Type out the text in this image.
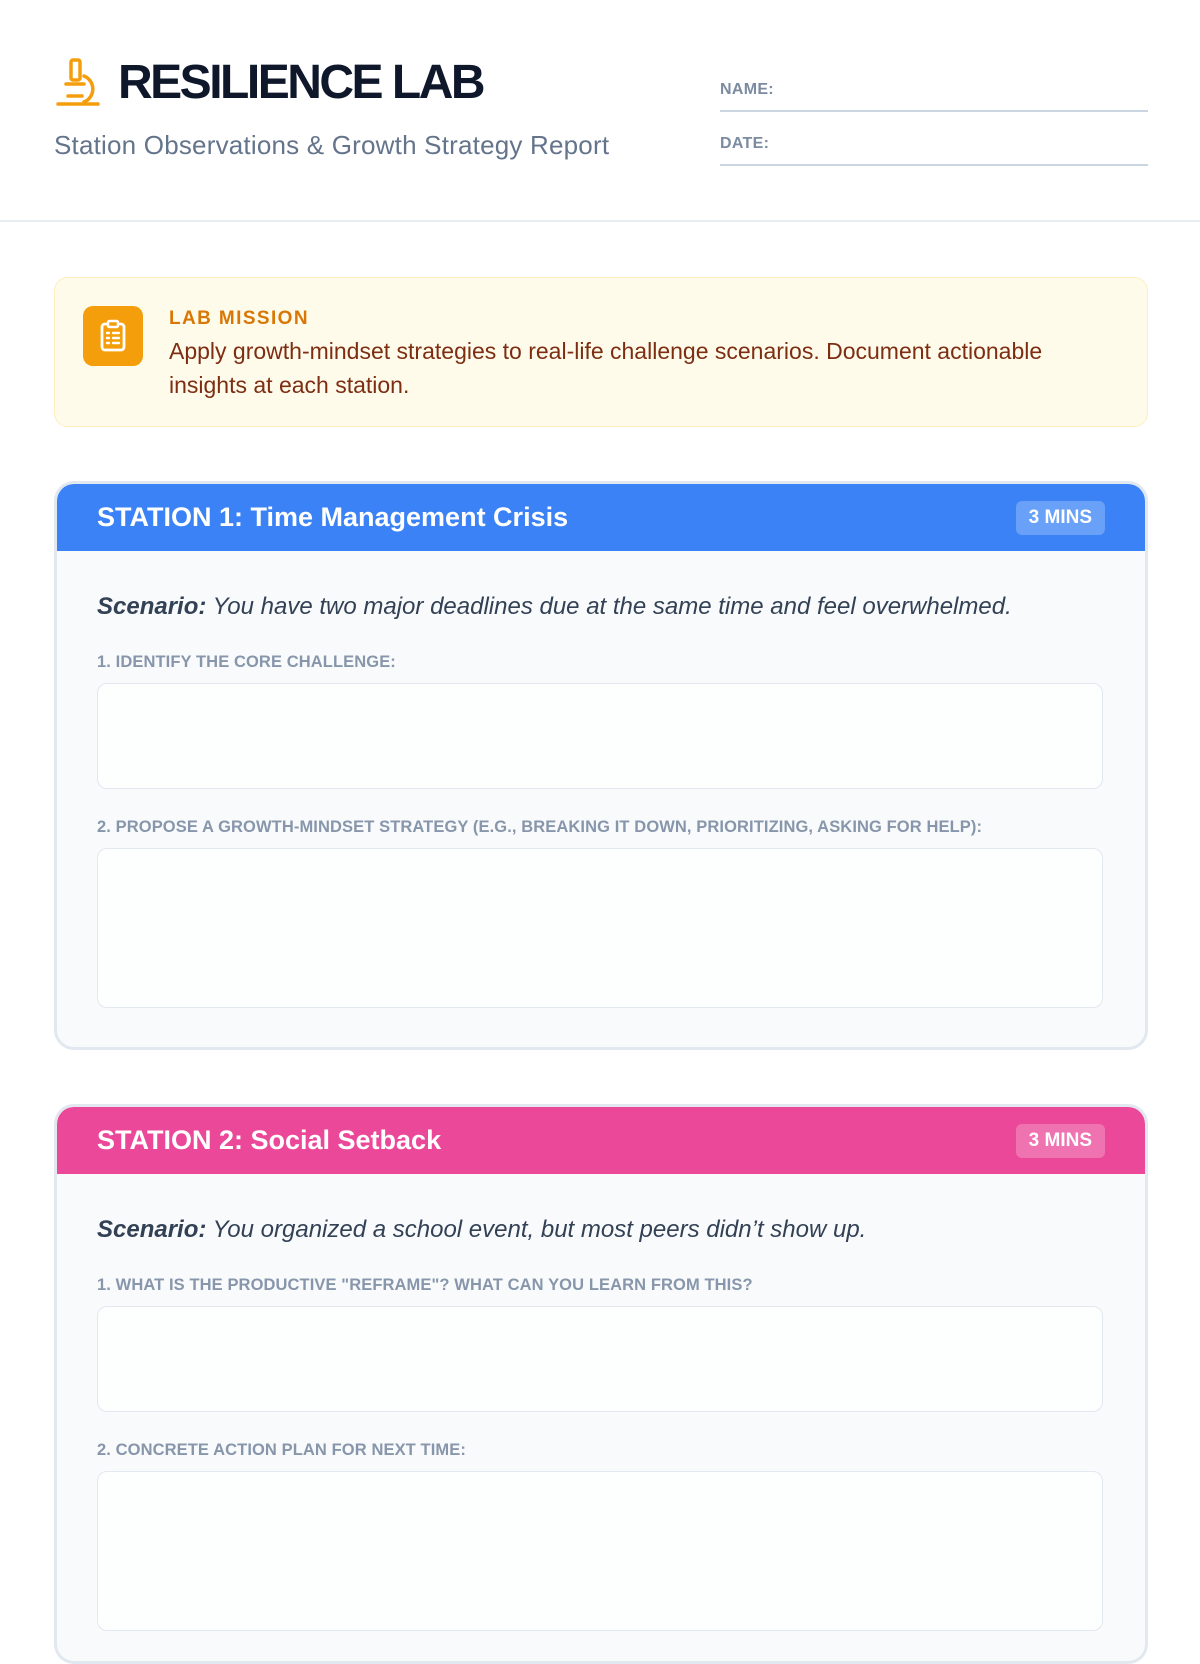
RESILIENCE LAB
Station Observations & Growth Strategy Report
NAME:
DATE:
LAB MISSION
Apply growth-mindset strategies to real-life challenge scenarios. Document actionable insights at each station.
STATION 1: Time Management Crisis	3 MINS
Scenario: You have two major deadlines due at the same time and feel overwhelmed.
1. IDENTIFY THE CORE CHALLENGE:
2. PROPOSE A GROWTH-MINDSET STRATEGY (E.G., BREAKING IT DOWN, PRIORITIZING, ASKING FOR HELP):
STATION 2: Social Setback	3 MINS
Scenario: You organized a school event, but most peers didn’t show up.
1. WHAT IS THE PRODUCTIVE "REFRAME"? WHAT CAN YOU LEARN FROM THIS?
2. CONCRETE ACTION PLAN FOR NEXT TIME:
